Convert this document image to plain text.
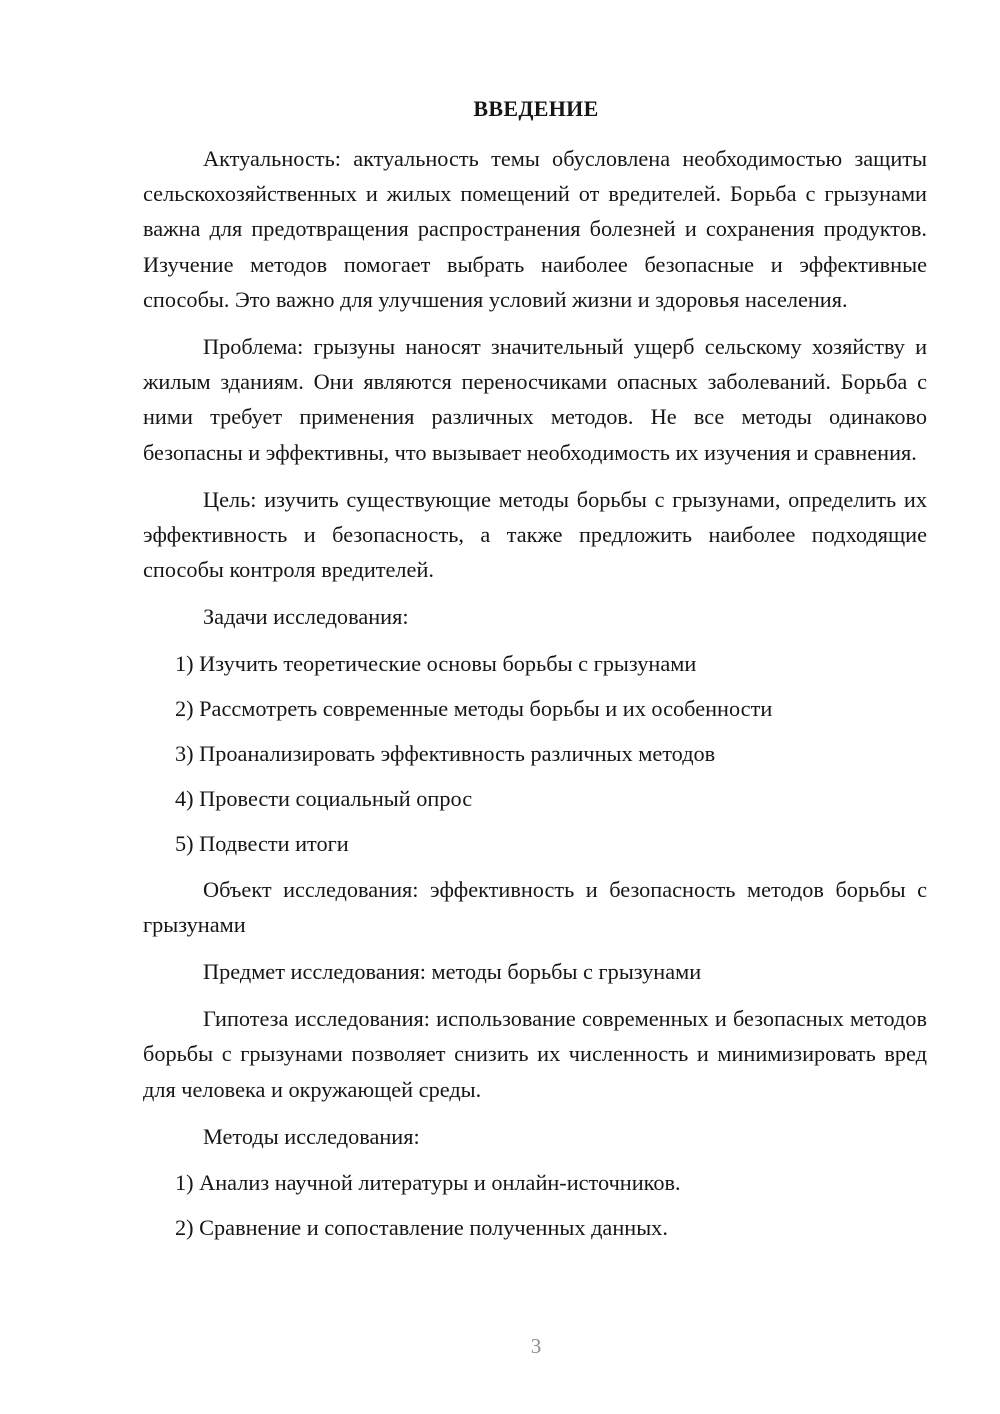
ВВЕДЕНИЕ

Актуальность: актуальность темы обусловлена необходимостью защиты сельскохозяйственных и жилых помещений от вредителей. Борьба с грызунами важна для предотвращения распространения болезней и сохранения продуктов. Изучение методов помогает выбрать наиболее безопасные и эффективные способы. Это важно для улучшения условий жизни и здоровья населения.

Проблема: грызуны наносят значительный ущерб сельскому хозяйству и жилым зданиям. Они являются переносчиками опасных заболеваний. Борьба с ними требует применения различных методов. Не все методы одинаково безопасны и эффективны, что вызывает необходимость их изучения и сравнения.

Цель: изучить существующие методы борьбы с грызунами, определить их эффективность и безопасность, а также предложить наиболее подходящие способы контроля вредителей.

Задачи исследования:

1) Изучить теоретические основы борьбы с грызунами
2) Рассмотреть современные методы борьбы и их особенности
3) Проанализировать эффективность различных методов
4) Провести социальный опрос
5) Подвести итоги

Объект исследования: эффективность и безопасность методов борьбы с грызунами

Предмет исследования: методы борьбы с грызунами

Гипотеза исследования: использование современных и безопасных методов борьбы с грызунами позволяет снизить их численность и минимизировать вред для человека и окружающей среды.

Методы исследования:

1) Анализ научной литературы и онлайн-источников.
2) Сравнение и сопоставление полученных данных.
3
